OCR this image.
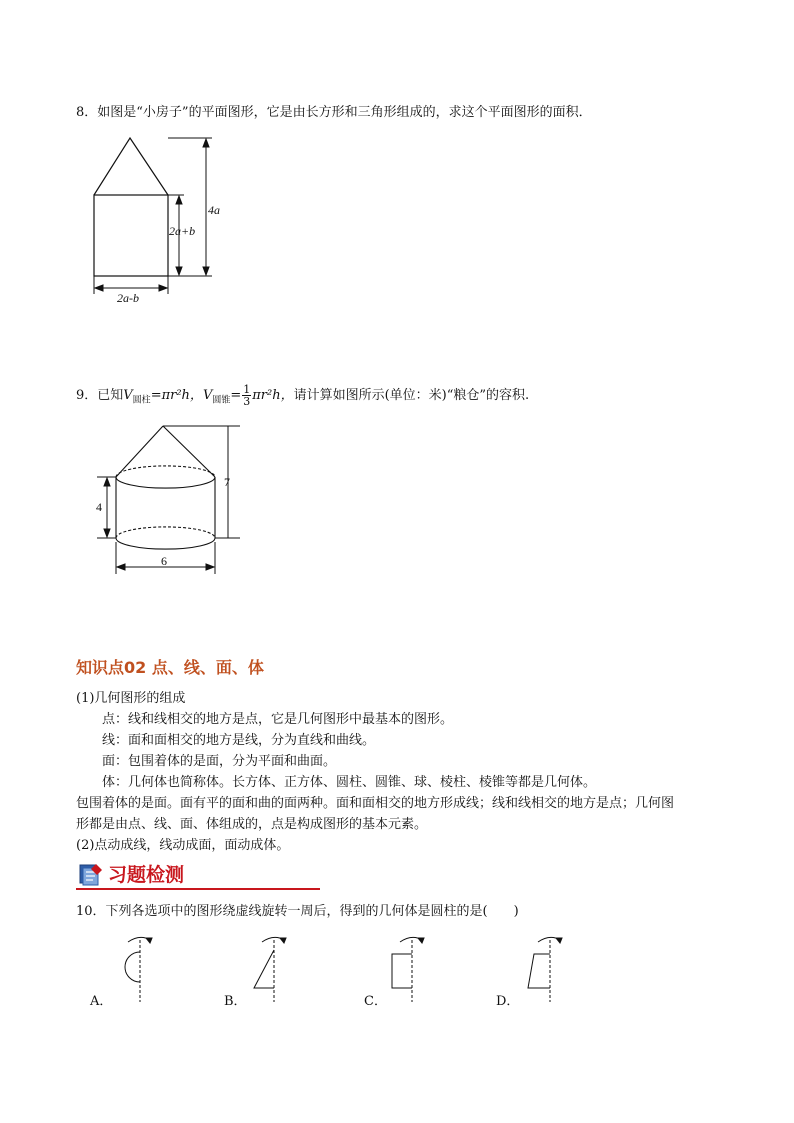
8．如图是“小房子”的平面图形，它是由长方形和三角形组成的，求这个平面图形的面积．
4a
2a+b
2a-b
9．已知$V_{圆柱}=\pi r^2h$，$V_{圆锥}= \frac{1}{3} \pi r^2h$，请计算如图所示(单位：米)“粮仓”的容积.
4
7
6
知识点02 点、线、面、体
(1)几何图形的组成
点：线和线相交的地方是点，它是几何图形中最基本的图形。
线：面和面相交的地方是线，分为直线和曲线。
面：包围着体的是面，分为平面和曲面。
体：几何体也简称体。长方体、正方体、圆柱、圆锥、球、棱柱、棱锥等都是几何体。
包围着体的是面。面有平的面和曲的面两种。面和面相交的地方形成线；线和线相交的地方是点；几何图
形都是由点、线、面、体组成的，点是构成图形的基本元素。
(2)点动成线，线动成面，面动成体。
习题检测
10．下列各选项中的图形绕虚线旋转一周后，得到的几何体是圆柱的是(　　)
A．	B．	C．	D．
